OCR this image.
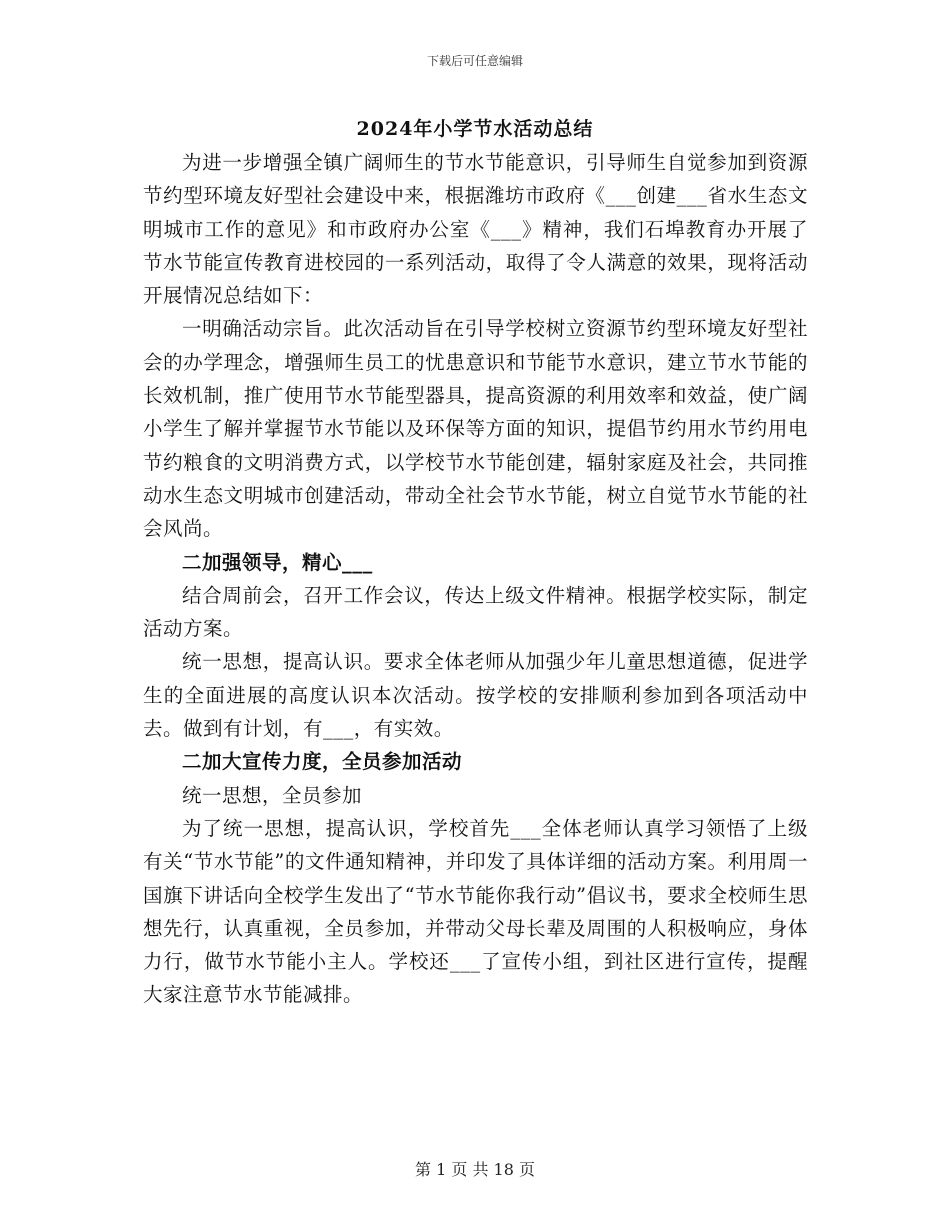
下载后可任意编辑
2024年小学节水活动总结

为进一步增强全镇广阔师生的节水节能意识，引导师生自觉参加到资源节约型环境友好型社会建设中来，根据潍坊市政府《___创建___省水生态文明城市工作的意见》和市政府办公室《___》精神，我们石埠教育办开展了节水节能宣传教育进校园的一系列活动，取得了令人满意的效果，现将活动开展情况总结如下：

一明确活动宗旨。此次活动旨在引导学校树立资源节约型环境友好型社会的办学理念，增强师生员工的忧患意识和节能节水意识，建立节水节能的长效机制，推广使用节水节能型器具，提高资源的利用效率和效益，使广阔小学生了解并掌握节水节能以及环保等方面的知识，提倡节约用水节约用电节约粮食的文明消费方式，以学校节水节能创建，辐射家庭及社会，共同推动水生态文明城市创建活动，带动全社会节水节能，树立自觉节水节能的社会风尚。

二加强领导，精心___

结合周前会，召开工作会议，传达上级文件精神。根据学校实际，制定活动方案。

统一思想，提高认识。要求全体老师从加强少年儿童思想道德，促进学生的全面进展的高度认识本次活动。按学校的安排顺利参加到各项活动中去。做到有计划，有___，有实效。

二加大宣传力度，全员参加活动

统一思想，全员参加

为了统一思想，提高认识，学校首先___全体老师认真学习领悟了上级有关“节水节能”的文件通知精神，并印发了具体详细的活动方案。利用周一国旗下讲话向全校学生发出了“节水节能你我行动”倡议书，要求全校师生思想先行，认真重视，全员参加，并带动父母长辈及周围的人积极响应，身体力行，做节水节能小主人。学校还___了宣传小组，到社区进行宣传，提醒大家注意节水节能减排。

第 1 页 共 18 页
